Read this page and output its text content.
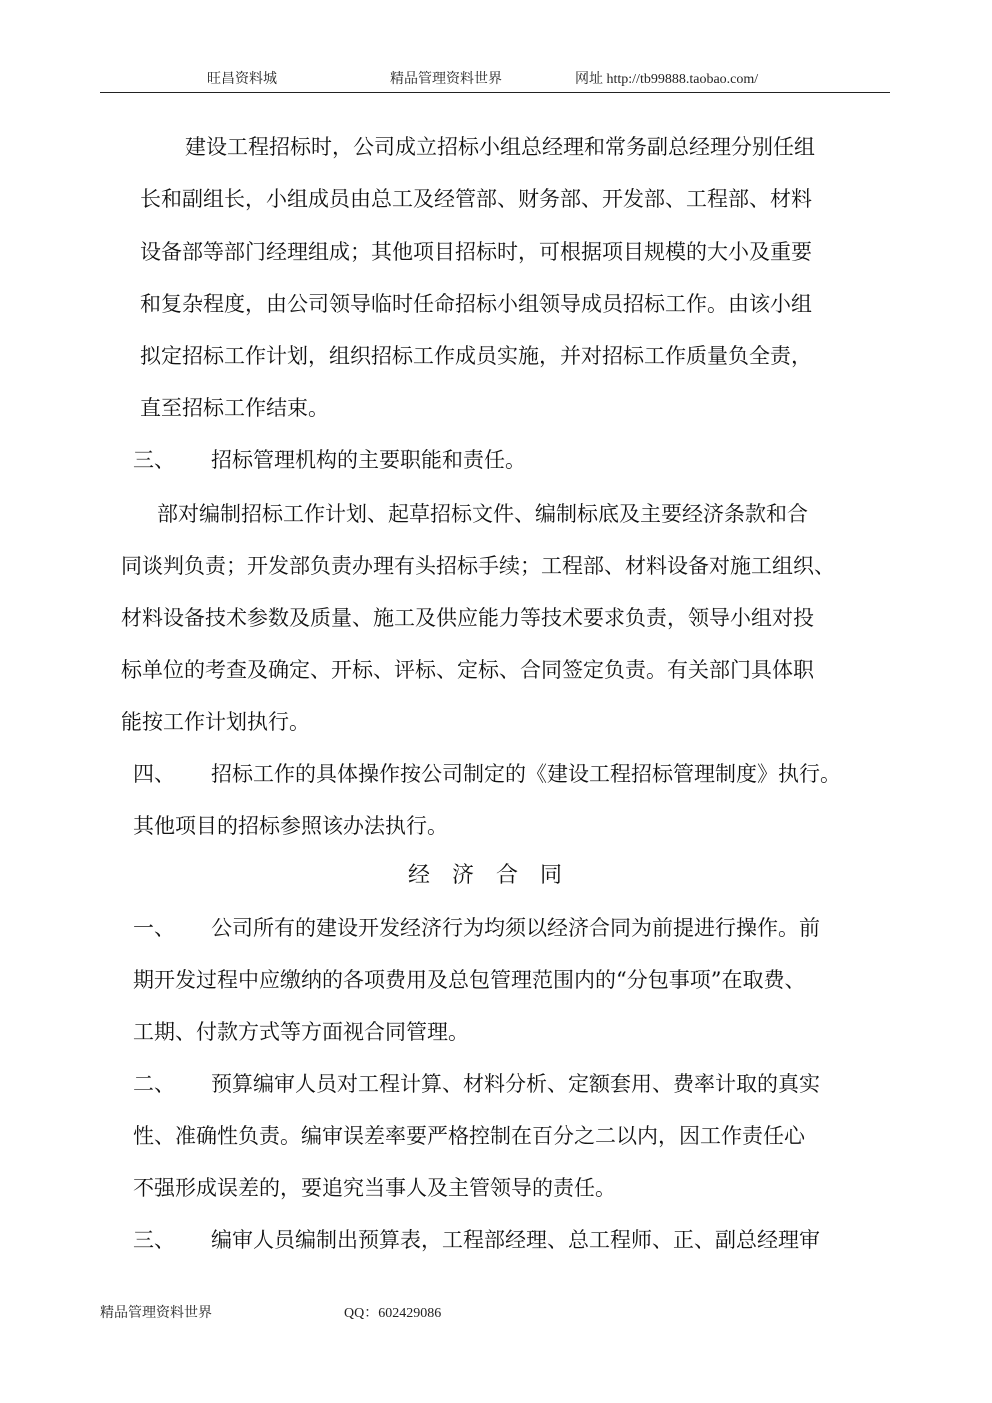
旺昌资料城	精品管理资料世界	网址 http://tb99888.taobao.com/
建设工程招标时，公司成立招标小组总经理和常务副总经理分别任组
长和副组长，小组成员由总工及经管部、财务部、开发部、工程部、材料
设备部等部门经理组成；其他项目招标时，可根据项目规模的大小及重要
和复杂程度，由公司领导临时任命招标小组领导成员招标工作。由该小组
拟定招标工作计划，组织招标工作成员实施，并对招标工作质量负全责，
直至招标工作结束。
三、 招标管理机构的主要职能和责任。
部对编制招标工作计划、起草招标文件、编制标底及主要经济条款和合
同谈判负责；开发部负责办理有头招标手续；工程部、材料设备对施工组织、
材料设备技术参数及质量、施工及供应能力等技术要求负责，领导小组对投
标单位的考查及确定、开标、评标、定标、合同签定负责。有关部门具体职
能按工作计划执行。
四、 招标工作的具体操作按公司制定的《建设工程招标管理制度》执行。
其他项目的招标参照该办法执行。
经济合同
一、 公司所有的建设开发经济行为均须以经济合同为前提进行操作。前
期开发过程中应缴纳的各项费用及总包管理范围内的“分包事项”在取费、
工期、付款方式等方面视合同管理。
二、 预算编审人员对工程计算、材料分析、定额套用、费率计取的真实
性、准确性负责。编审误差率要严格控制在百分之二以内，因工作责任心
不强形成误差的，要追究当事人及主管领导的责任。
三、 编审人员编制出预算表，工程部经理、总工程师、正、副总经理审
精品管理资料世界	QQ：602429086
